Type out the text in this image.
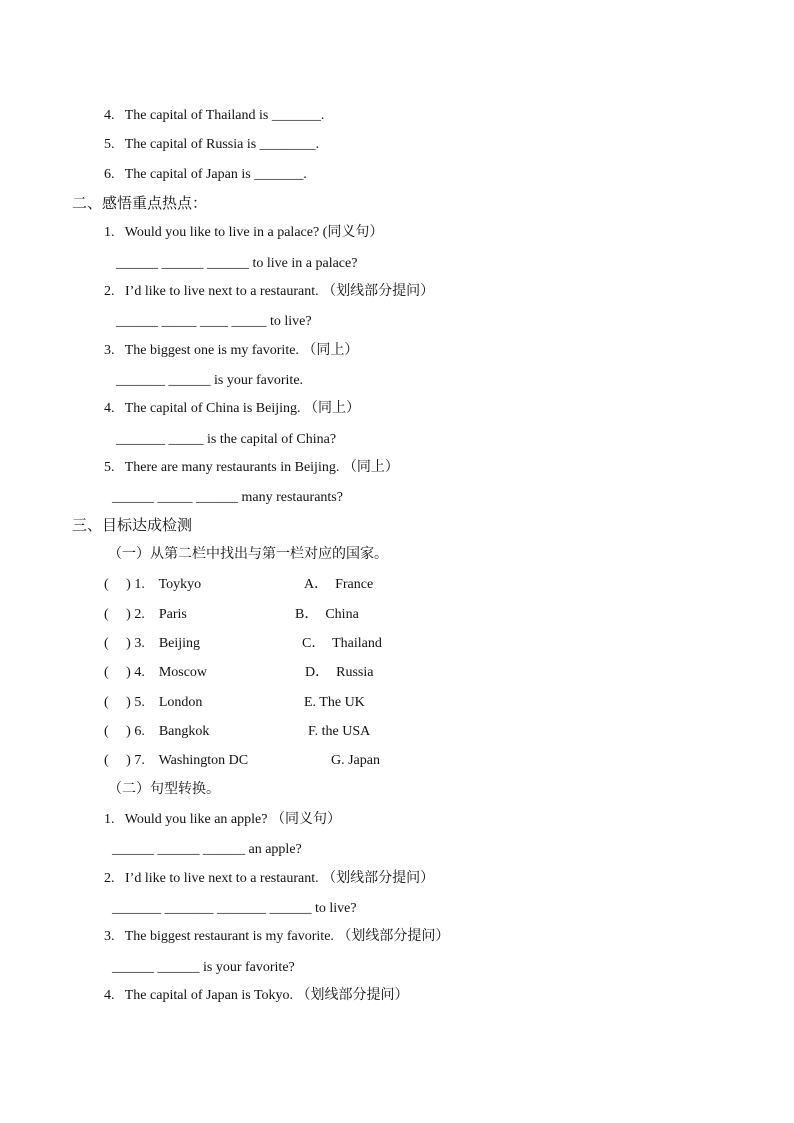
4.   The capital of Thailand is _______.
5.   The capital of Russia is ________.
6.   The capital of Japan is _______.
二、感悟重点热点：
1.   Would you like to live in a palace? (同义句）
______ ______ ______ to live in a palace?
2.   I’d like to live next to a restaurant. （划线部分提问）
______ _____ ____ _____ to live?
3.   The biggest one is my favorite. （同上）
_______ ______ is your favorite.
4.   The capital of China is Beijing. （同上）
_______ _____ is the capital of China?
5.   There are many restaurants in Beijing. （同上）
______ _____ ______ many restaurants?
三、目标达成检测
（一）从第二栏中找出与第一栏对应的国家。
(     ) 1.    Toykyo
(     ) 2.    Paris
(     ) 3.    Beijing
(     ) 4.    Moscow
(     ) 5.    London
(     ) 6.    Bangkok
(     ) 7.    Washington DC
A．  France
B．  China
C．  Thailand
D．  Russia
E. The UK
F. the USA
G. Japan
（二）句型转换。
1.   Would you like an apple? （同义句）
______ ______ ______ an apple?
2.   I’d like to live next to a restaurant. （划线部分提问）
_______ _______ _______ ______ to live?
3.   The biggest restaurant is my favorite. （划线部分提问）
______ ______ is your favorite?
4.   The capital of Japan is Tokyo. （划线部分提问）
